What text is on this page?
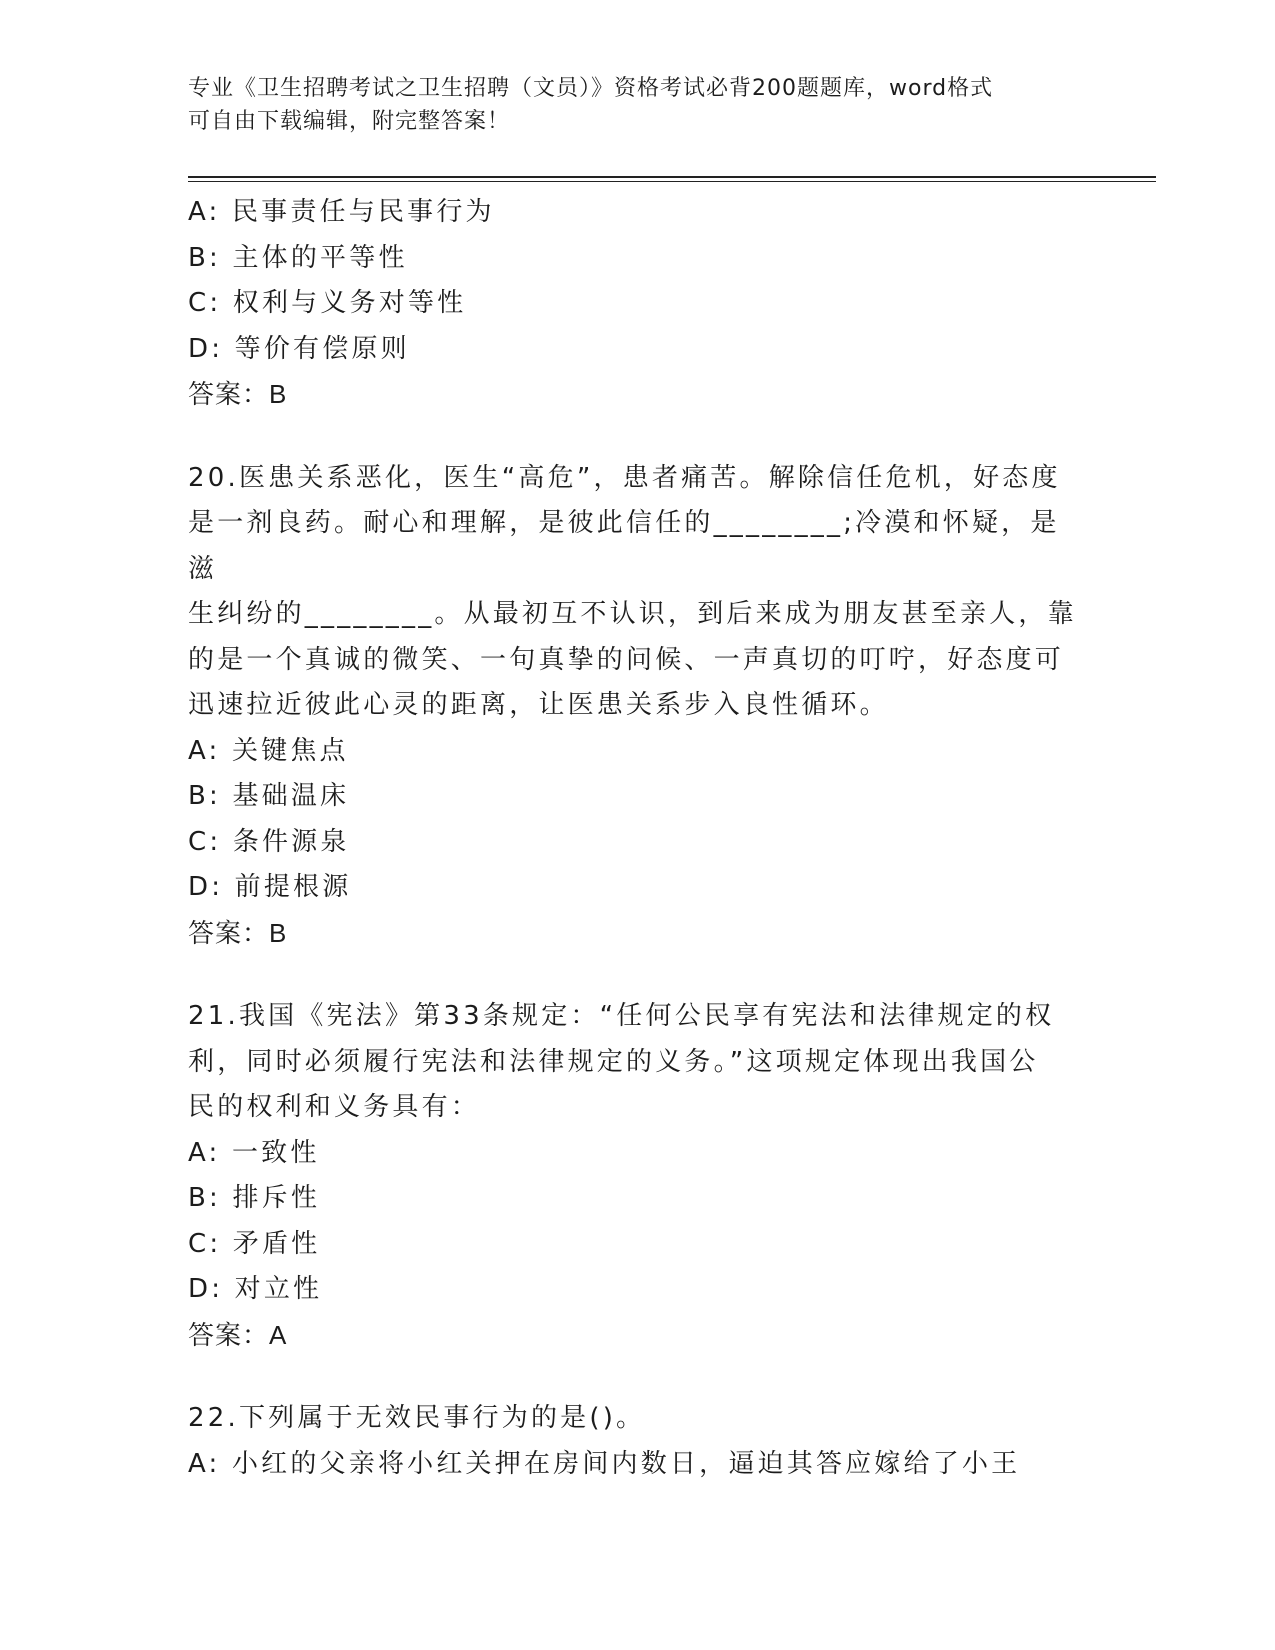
专业《卫生招聘考试之卫生招聘（文员）》资格考试必背200题题库，word格式
可自由下载编辑，附完整答案！

A: 民事责任与民事行为

B: 主体的平等性

C: 权利与义务对等性

D: 等价有偿原则

答案：B

20.医患关系恶化，医生“高危”，患者痛苦。解除信任危机，好态度

是一剂良药。耐心和理解，是彼此信任的________;冷漠和怀疑，是滋

生纠纷的________。从最初互不认识，到后来成为朋友甚至亲人，靠

的是一个真诚的微笑、一句真挚的问候、一声真切的叮咛，好态度可

迅速拉近彼此心灵的距离，让医患关系步入良性循环。

A: 关键焦点

B: 基础温床

C: 条件源泉

D: 前提根源

答案：B

21.我国《宪法》第33条规定：“任何公民享有宪法和法律规定的权

利，同时必须履行宪法和法律规定的义务。”这项规定体现出我国公

民的权利和义务具有：

A: 一致性

B: 排斥性

C: 矛盾性

D: 对立性

答案：A

22.下列属于无效民事行为的是()。

A: 小红的父亲将小红关押在房间内数日，逼迫其答应嫁给了小王
